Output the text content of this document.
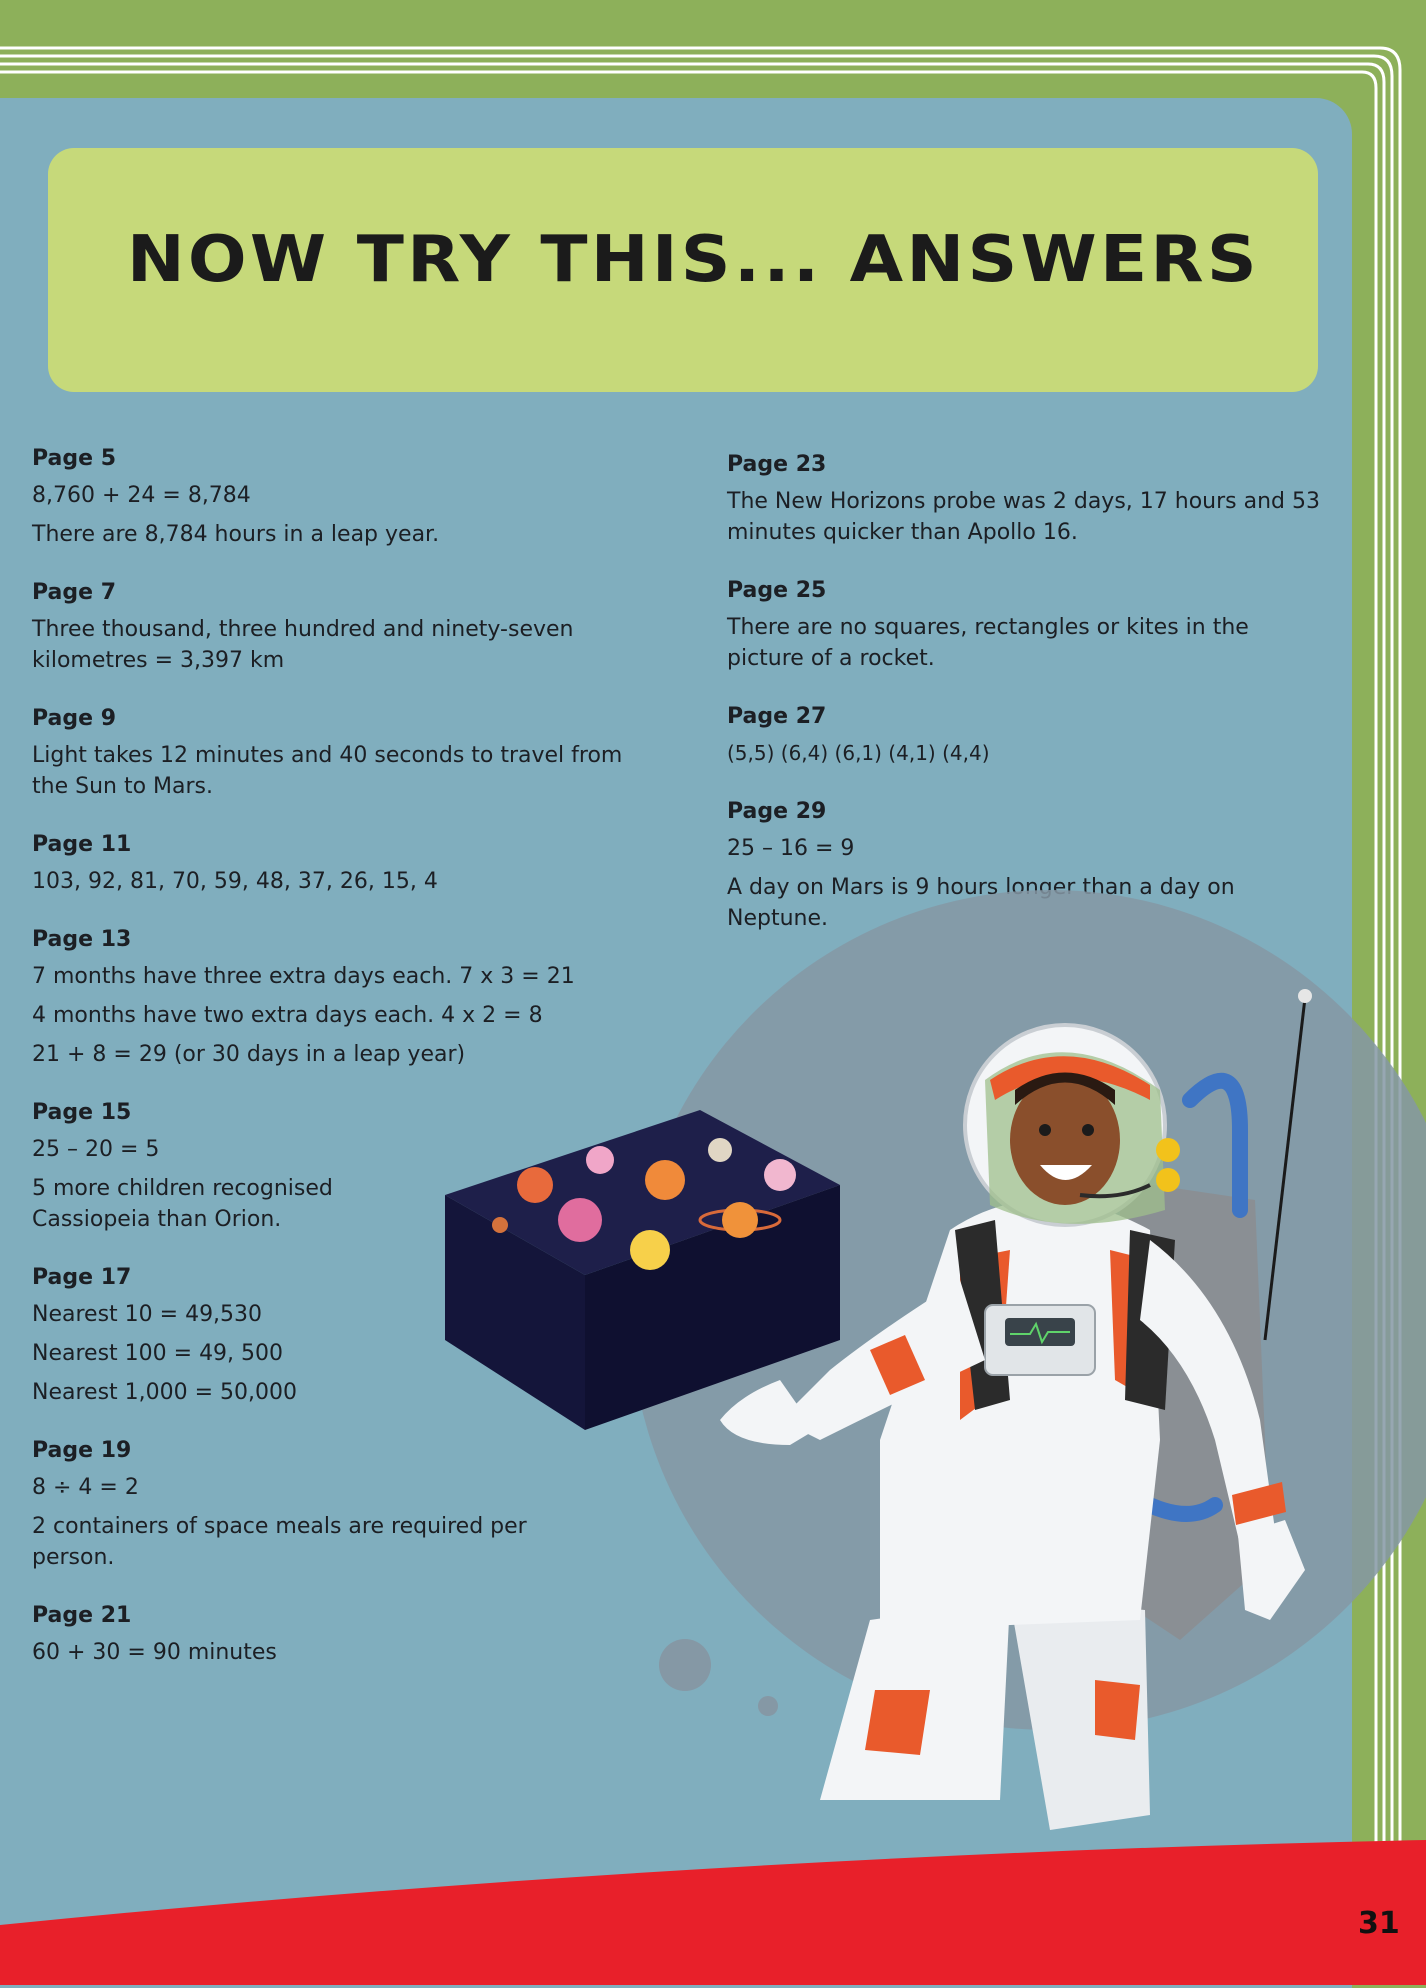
NOW TRY THIS... ANSWERS

Page 5

8,760 + 24 = 8,784

There are 8,784 hours in a leap year.

Page 7

Three thousand, three hundred and ninety-seven kilometres = 3,397 km

Page 9

Light takes 12 minutes and 40 seconds to travel from the Sun to Mars.

Page 11

103, 92, 81, 70, 59, 48, 37, 26, 15, 4

Page 13

7 months have three extra days each. 7 x 3 = 21

4 months have two extra days each. 4 x 2 = 8

21 + 8 = 29 (or 30 days in a leap year)

Page 15

25 – 20 = 5

5 more children recognised Cassiopeia than Orion.

Page 17

Nearest 10 = 49,530

Nearest 100 = 49, 500

Nearest 1,000 = 50,000

Page 19

8 ÷ 4 = 2

2 containers of space meals are required per person.

Page 21

60 + 30 = 90 minutes

Page 23

The New Horizons probe was 2 days, 17 hours and 53 minutes quicker than Apollo 16.

Page 25

There are no squares, rectangles or kites in the picture of a rocket.

Page 27

(5,5) (6,4) (6,1) (4,1) (4,4)

Page 29

25 – 16 = 9

A day on Mars is 9 hours longer than a day on Neptune.

31
